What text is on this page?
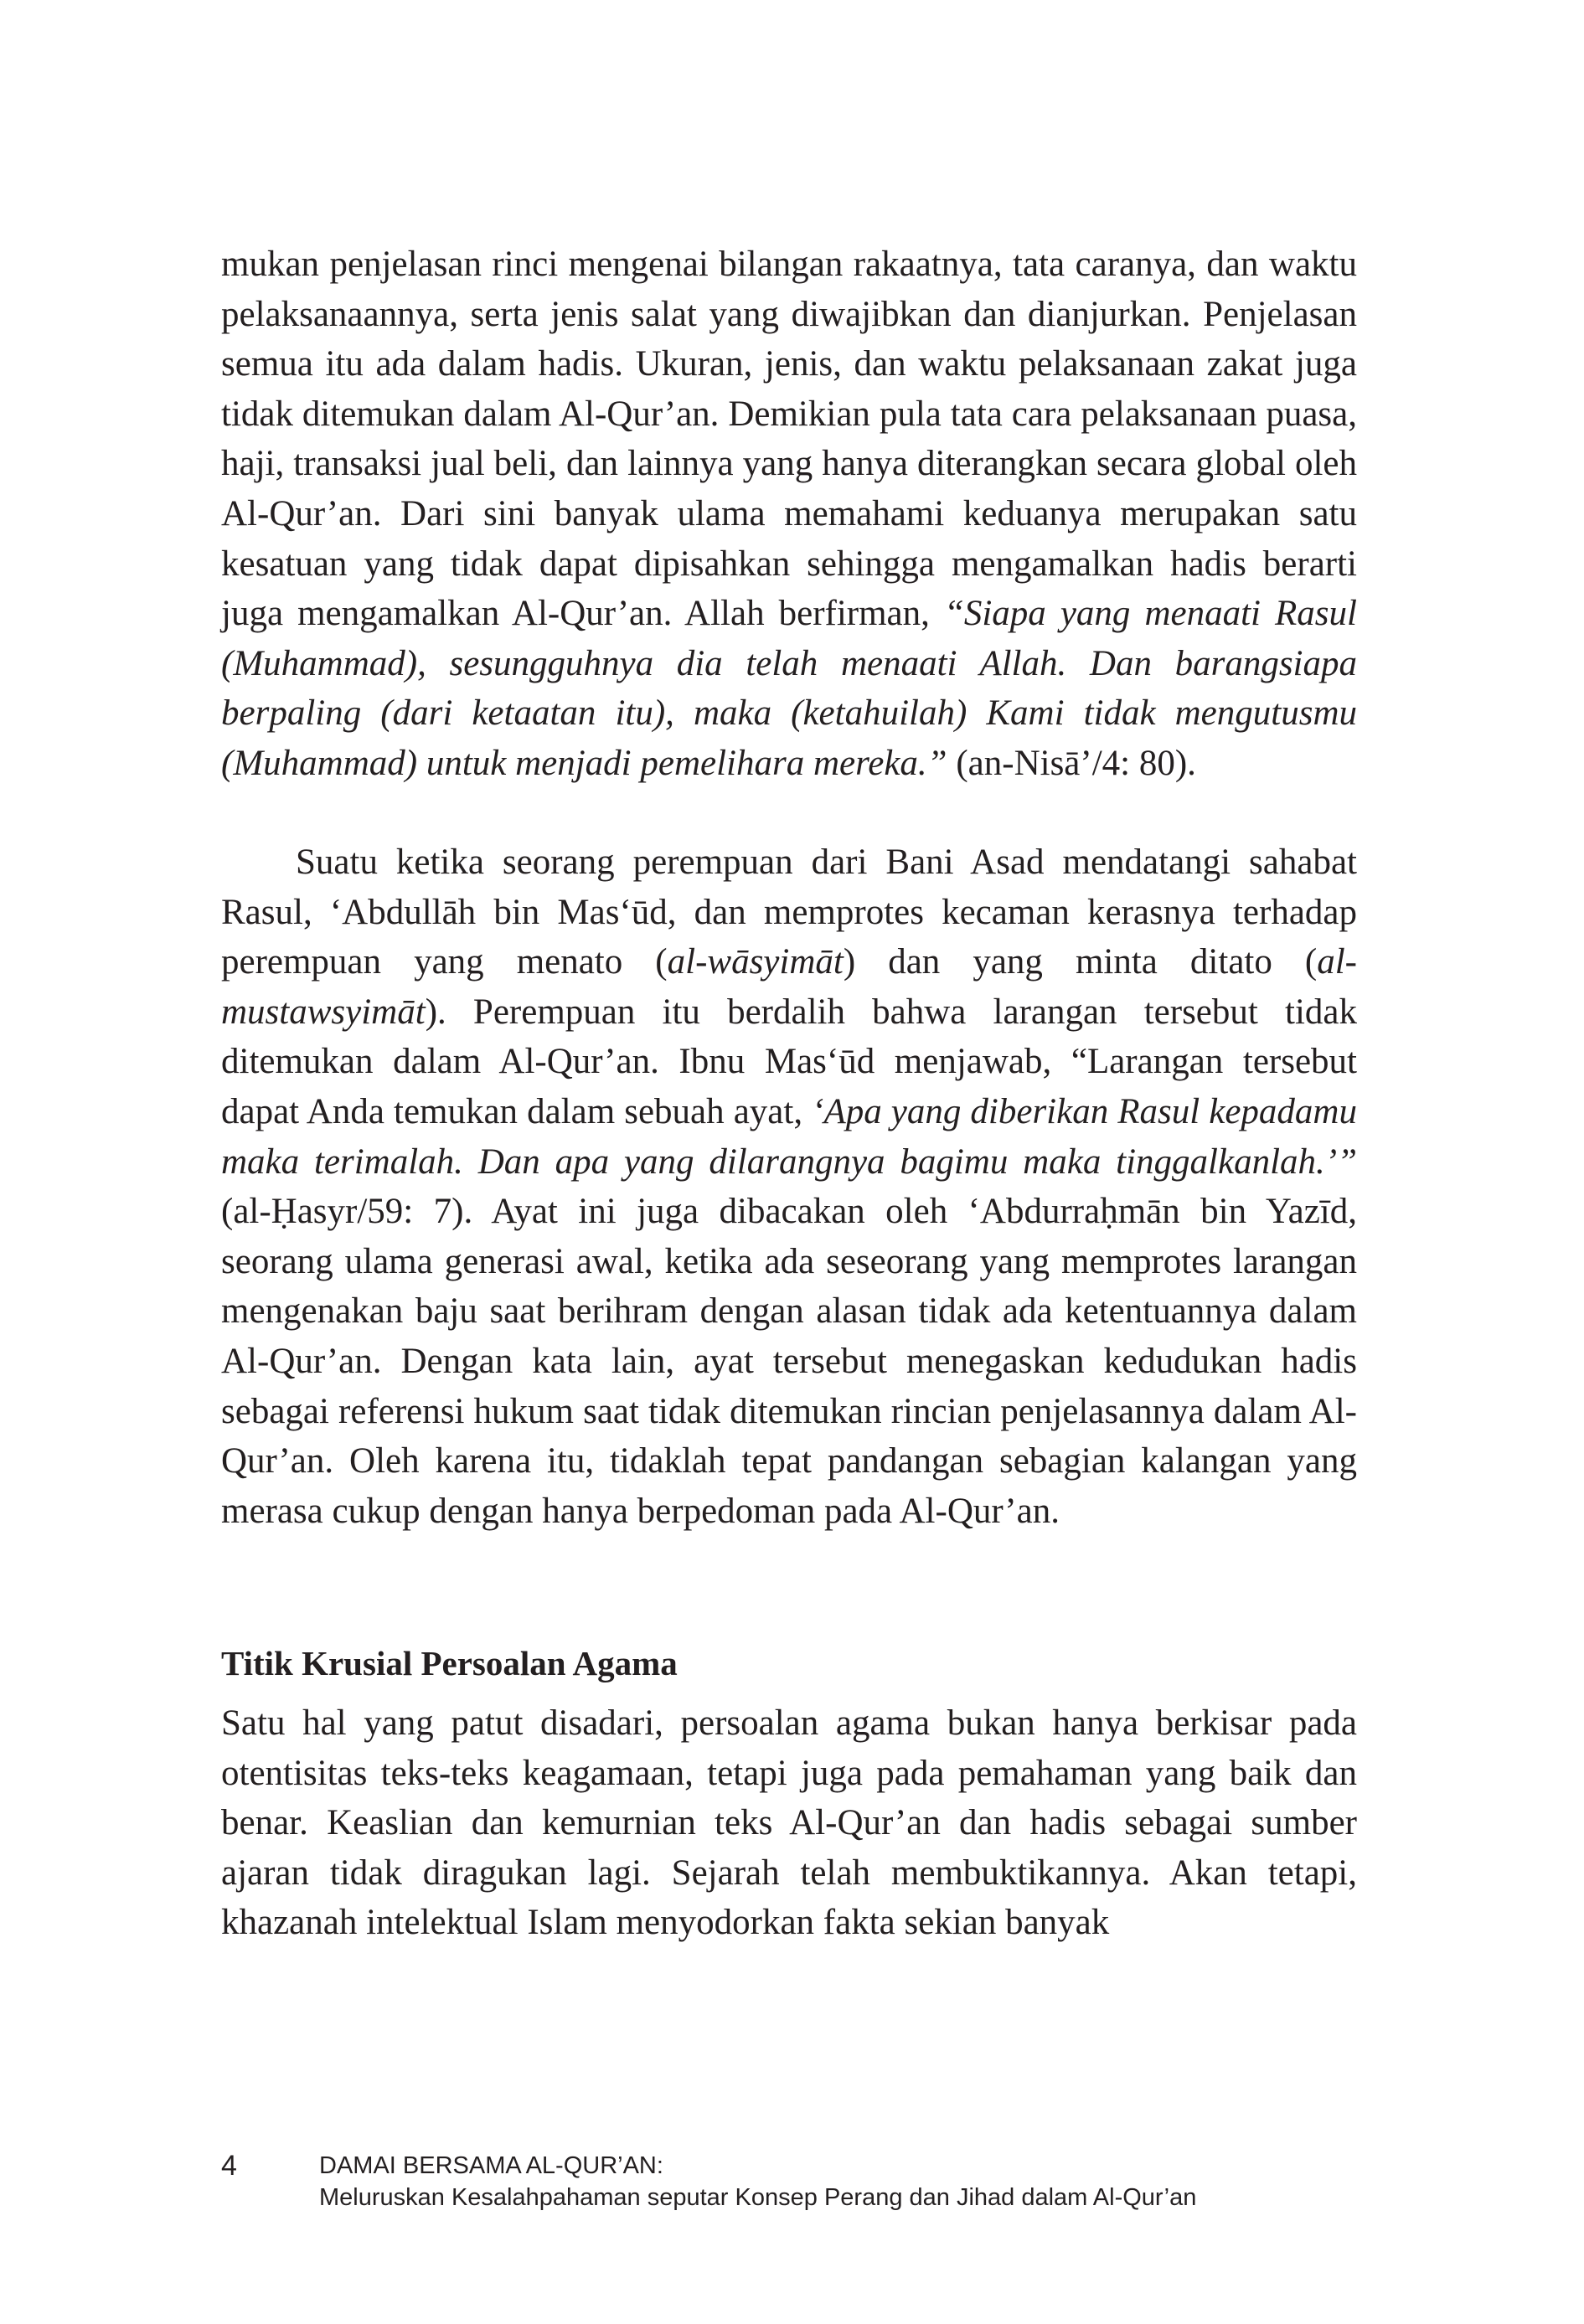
mukan penjelasan rinci mengenai bilangan rakaatnya, tata caranya, dan waktu pelaksanaannya, serta jenis salat yang diwajibkan dan dianjurkan. Penjelasan semua itu ada dalam hadis. Ukuran, jenis, dan waktu pelaksanaan zakat juga tidak ditemukan dalam Al-Qur’an. Demikian pula tata cara pelaksanaan puasa, haji, transaksi jual beli, dan lainnya yang hanya diterangkan secara global oleh Al-Qur’an. Dari sini banyak ulama memahami keduanya merupakan satu kesatuan yang tidak dapat dipisahkan sehingga mengamalkan hadis berarti juga mengamalkan Al-Qur’an. Allah berfirman, “Siapa yang menaati Rasul (Muhammad), sesungguhnya dia telah menaati Allah. Dan barangsiapa berpaling (dari ketaatan itu), maka (ketahuilah) Kami tidak mengutusmu (Muhammad) untuk menjadi pemelihara mereka.” (an-Nisā’/4: 80).

Suatu ketika seorang perempuan dari Bani Asad mendatangi sahabat Rasul, ‘Abdullāh bin Mas‘ūd, dan memprotes kecaman kerasnya terhadap perempuan yang menato (al-wāsyimāt) dan yang minta ditato (al-mustawsyimāt). Perempuan itu berdalih bahwa larangan tersebut tidak ditemukan dalam Al-Qur’an. Ibnu Mas‘ūd menjawab, “Larangan tersebut dapat Anda temukan dalam sebuah ayat, ‘Apa yang diberikan Rasul kepadamu maka terimalah. Dan apa yang dilarangnya bagimu maka tinggalkanlah.’” (al-Ḥasyr/59: 7). Ayat ini juga dibacakan oleh ‘Abdurraḥmān bin Yazīd, seorang ulama generasi awal, ketika ada seseorang yang memprotes larangan mengenakan baju saat berihram dengan alasan tidak ada ketentuannya dalam Al-Qur’an. Dengan kata lain, ayat tersebut menegaskan kedudukan hadis sebagai referensi hukum saat tidak ditemukan rincian penjelasannya dalam Al-Qur’an. Oleh karena itu, tidaklah tepat pandangan sebagian kalangan yang merasa cukup dengan hanya berpedoman pada Al-Qur’an.

Titik Krusial Persoalan Agama

Satu hal yang patut disadari, persoalan agama bukan hanya berkisar pada otentisitas teks-teks keagamaan, tetapi juga pada pemahaman yang baik dan benar. Keaslian dan kemurnian teks Al-Qur’an dan hadis sebagai sumber ajaran tidak diragukan lagi. Sejarah telah membuktikannya. Akan tetapi, khazanah intelektual Islam menyodorkan fakta sekian banyak

4	DAMAI BERSAMA AL-QUR’AN:
Meluruskan Kesalahpahaman seputar Konsep Perang dan Jihad dalam Al-Qur’an
